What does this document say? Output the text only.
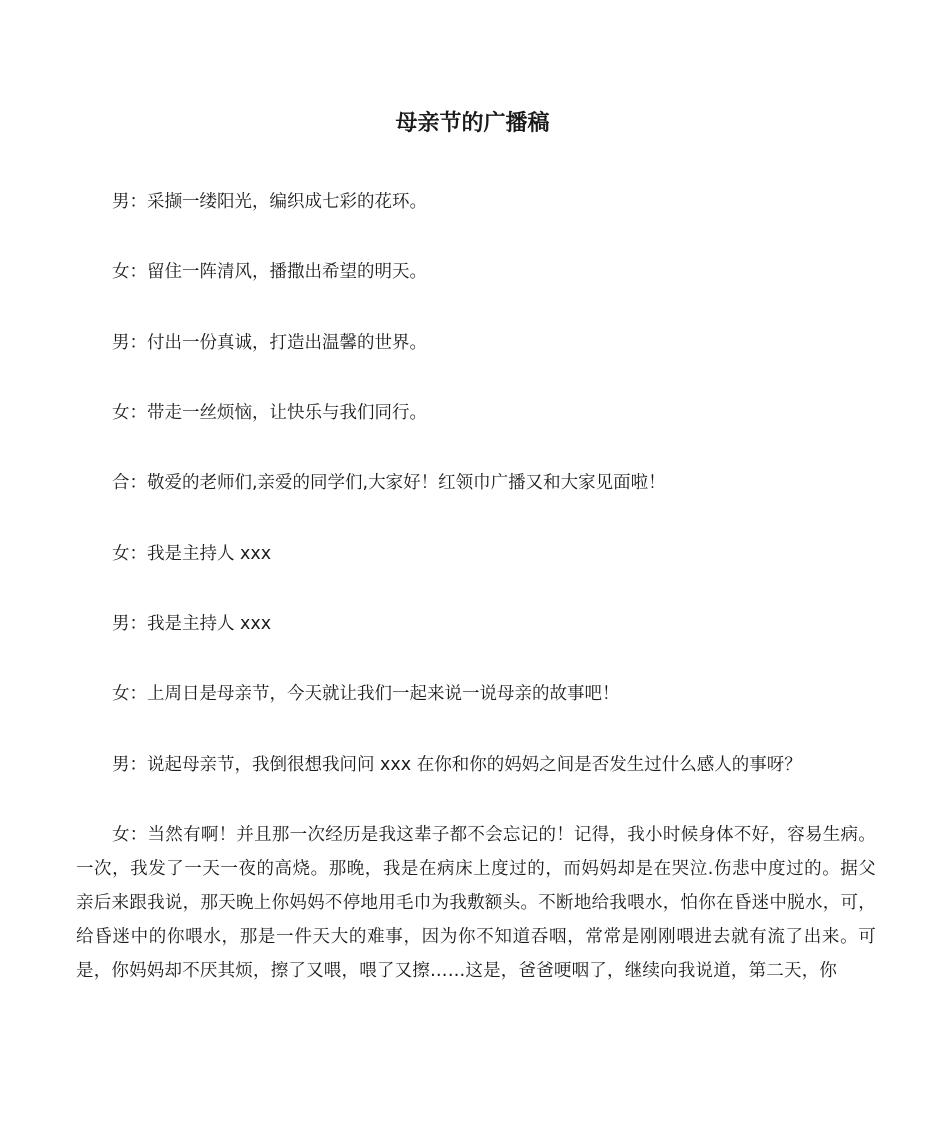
母亲节的广播稿

男：采撷一缕阳光，编织成七彩的花环。

女：留住一阵清风，播撒出希望的明天。

男：付出一份真诚，打造出温馨的世界。

女：带走一丝烦恼，让快乐与我们同行。

合：敬爱的老师们,亲爱的同学们,大家好！红领巾广播又和大家见面啦！

女：我是主持人 xxx

男：我是主持人 xxx

女：上周日是母亲节，今天就让我们一起来说一说母亲的故事吧！

男：说起母亲节，我倒很想我问问 xxx 在你和你的妈妈之间是否发生过什么感人的事呀？

女：当然有啊！并且那一次经历是我这辈子都不会忘记的！记得，我小时候身体不好，容易生病。一次，我发了一天一夜的高烧。那晚，我是在病床上度过的，而妈妈却是在哭泣.伤悲中度过的。据父亲后来跟我说，那天晚上你妈妈不停地用毛巾为我敷额头。不断地给我喂水，怕你在昏迷中脱水，可，给昏迷中的你喂水，那是一件天大的难事，因为你不知道吞咽，常常是刚刚喂进去就有流了出来。可是，你妈妈却不厌其烦，擦了又喂，喂了又擦……这是，爸爸哽咽了，继续向我说道，第二天，你
